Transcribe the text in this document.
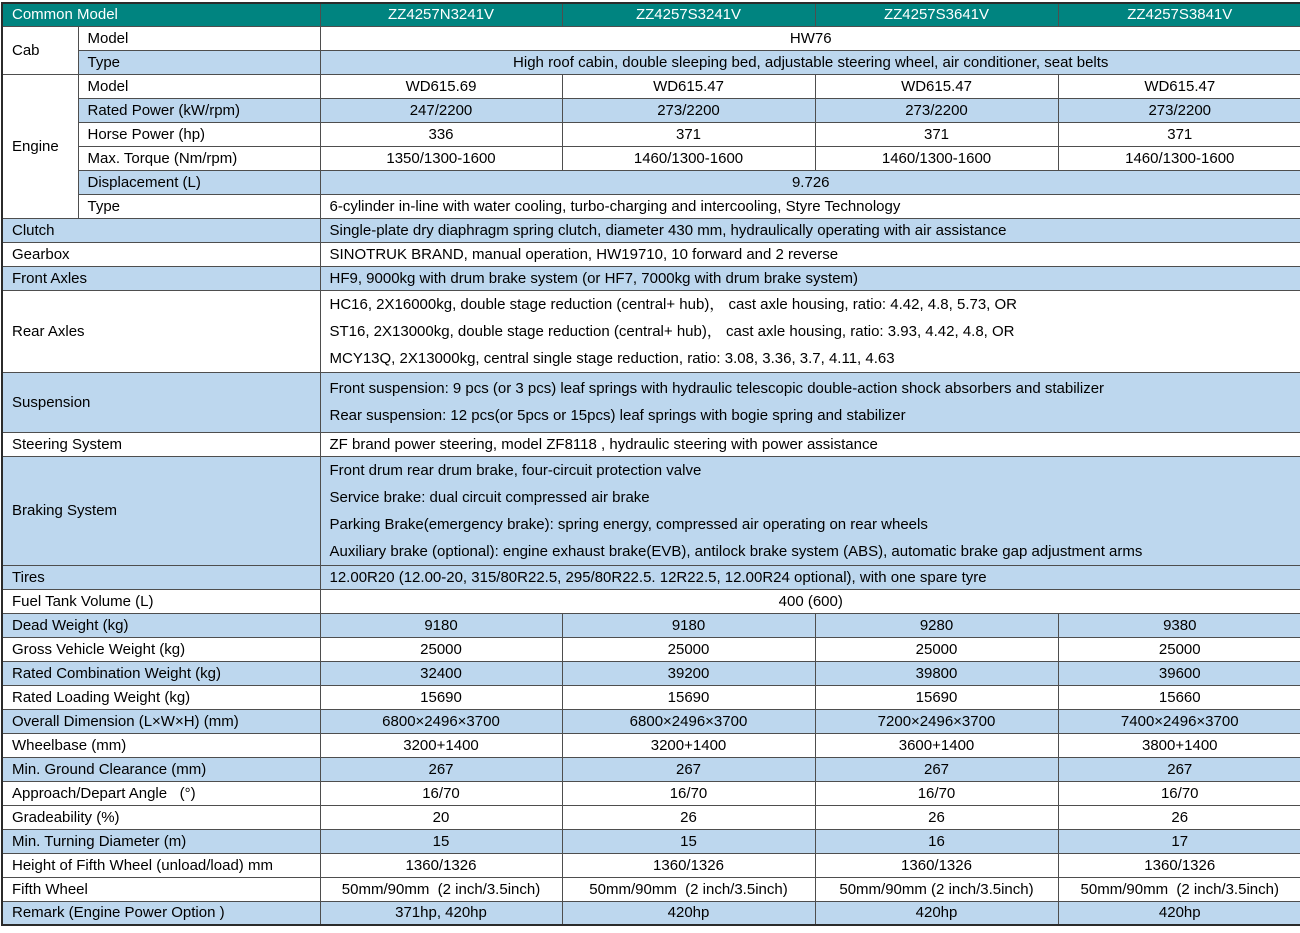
Common Model		ZZ4257N3241V	ZZ4257S3241V	ZZ4257S3641V	ZZ4257S3841V
Cab	Model	HW76			
	Type	High roof cabin, double sleeping bed, adjustable steering wheel, air conditioner, seat belts			
Engine	Model	WD615.69	WD615.47	WD615.47	WD615.47
	Rated Power (kW/rpm)	247/2200	273/2200	273/2200	273/2200
	Horse Power (hp)	336	371	371	371
	Max. Torque (Nm/rpm)	1350/1300-1600	1460/1300-1600	1460/1300-1600	1460/1300-1600
	Displacement (L)	9.726			
	Type	6-cylinder in-line with water cooling, turbo-charging and intercooling, Styre Technology			
Clutch		Single-plate dry diaphragm spring clutch, diameter 430 mm, hydraulically operating with air assistance			
Gearbox		SINOTRUK BRAND, manual operation, HW19710, 10 forward and 2 reverse			
Front Axles		HF9, 9000kg with drum brake system (or HF7, 7000kg with drum brake system)			
Rear Axles		HC16, 2X16000kg, double stage reduction (central+ hub)， cast axle housing, ratio: 4.42, 4.8, 5.73, OR
ST16, 2X13000kg, double stage reduction (central+ hub)， cast axle housing, ratio: 3.93, 4.42, 4.8, OR
MCY13Q, 2X13000kg, central single stage reduction, ratio: 3.08, 3.36, 3.7, 4.11, 4.63			

Suspension		Front suspension: 9 pcs (or 3 pcs) leaf springs with hydraulic telescopic double-action shock absorbers and stabilizer
Rear suspension: 12 pcs(or 5pcs or 15pcs) leaf springs with bogie spring and stabilizer			

Steering System		ZF brand power steering, model ZF8118 , hydraulic steering with power assistance			
Braking System		Front drum rear drum brake, four-circuit protection valve
Service brake: dual circuit compressed air brake
Parking Brake(emergency brake): spring energy, compressed air operating on rear wheels
Auxiliary brake (optional): engine exhaust brake(EVB), antilock brake system (ABS), automatic brake gap adjustment arms			

Tires		12.00R20 (12.00-20, 315/80R22.5, 295/80R22.5. 12R22.5, 12.00R24 optional), with one spare tyre			
Fuel Tank Volume (L)		400 (600)			
Dead Weight (kg)		9180	9180	9280	9380
Gross Vehicle Weight (kg)		25000	25000	25000	25000
Rated Combination Weight (kg)		32400	39200	39800	39600
Rated Loading Weight (kg)		15690	15690	15690	15660
Overall Dimension (L×W×H) (mm)		6800×2496×3700	6800×2496×3700	7200×2496×3700	7400×2496×3700
Wheelbase (mm)		3200+1400	3200+1400	3600+1400	3800+1400
Min. Ground Clearance (mm)		267	267	267	267
Approach/Depart Angle   (°)		16/70	16/70	16/70	16/70
Gradeability (%)		20	26	26	26
Min. Turning Diameter (m)		15	15	16	17
Height of Fifth Wheel (unload/load) mm		1360/1326	1360/1326	1360/1326	1360/1326
Fifth Wheel		50mm/90mm  (2 inch/3.5inch)	50mm/90mm  (2 inch/3.5inch)	50mm/90mm (2 inch/3.5inch)	50mm/90mm  (2 inch/3.5inch)
Remark (Engine Power Option )		371hp, 420hp	420hp	420hp	420hp
